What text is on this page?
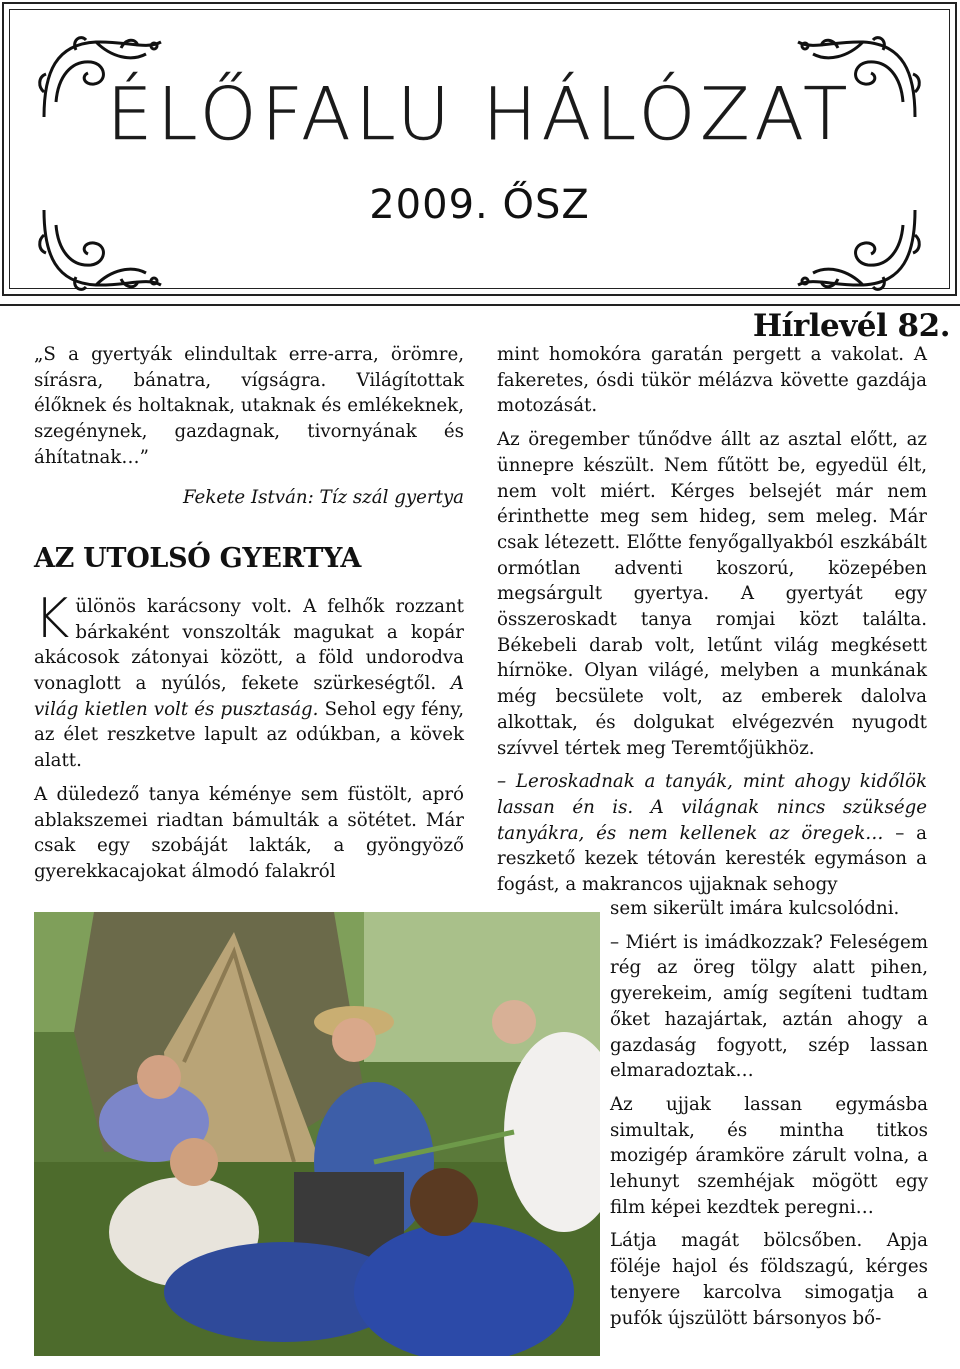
ÉLŐFALU HÁLÓZAT
2009. ŐSZ
Hírlevél 82.

„S a gyertyák elindultak erre-arra, örömre, sírásra, bánatra, vígságra. Világítottak élőknek és holtaknak, utaknak és emlékeknek, szegénynek, gazdagnak, tivornyának és áhítatnak…”

Fekete István: Tíz szál gyertya

AZ UTOLSÓ GYERTYA

Különös karácsony volt. A felhők rozzant bárkaként vonszolták magukat a kopár akácosok zátonyai között, a föld undorodva vonaglott a nyúlós, fekete szürkeségtől. A világ kietlen volt és pusztaság. Sehol egy fény, az élet reszketve lapult az odúkban, a kövek alatt.

A düledező tanya kéménye sem füstölt, apró ablakszemei riadtan bámulták a sötétet. Már csak egy szobáját lakták, a gyöngyöző gyerekkacajokat álmodó falakról

mint homokóra garatán pergett a vakolat. A fakeretes, ósdi tükör mélázva követte gazdája motozását.

Az öregember tűnődve állt az asztal előtt, az ünnepre készült. Nem fűtött be, egyedül élt, nem volt miért. Kérges belsejét már nem érinthette meg sem hideg, sem meleg. Már csak létezett. Előtte fenyőgallyakból eszkábált ormótlan adventi koszorú, közepében megsárgult gyertya. A gyertyát egy összeroskadt tanya romjai közt találta. Békebeli darab volt, letűnt világ megkésett hírnöke. Olyan világé, melyben a munkának még becsülete volt, az emberek dalolva alkottak, és dolgukat elvégezvén nyugodt szívvel tértek meg Teremtőjükhöz.

– Leroskadnak a tanyák, mint ahogy kidőlök lassan én is. A világnak nincs szüksége tanyákra, és nem kellenek az öregek… – a reszkető kezek tétován keresték egymáson a fogást, a makrancos ujjaknak sehogy

sem sikerült imára kulcsolódni.

– Miért is imádkozzak? Feleségem rég az öreg tölgy alatt pihen, gyerekeim, amíg segíteni tudtam őket hazajártak, aztán ahogy a gazdaság fogyott, szép lassan elmaradoztak…

Az ujjak lassan egymásba simultak, és mintha titkos mozigép áramköre zárult volna, a lehunyt szemhéjak mögött egy film képei kezdtek peregni…

Látja magát bölcsőben. Apja föléje hajol és földszagú, kérges tenyere karcolva simogatja a pufók újszülött bársonyos bő-
